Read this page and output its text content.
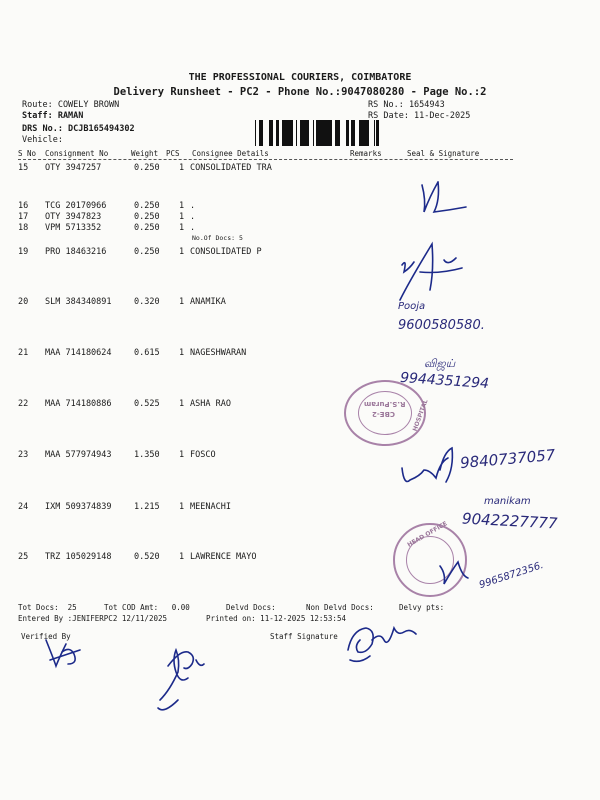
THE PROFESSIONAL COURIERS, COIMBATORE
Delivery Runsheet - PC2 - Phone No.:9047080280 - Page No.:2
Route: COWELY BROWN
Staff: RAMAN
DRS No.: DCJB165494302
Vehicle:

RS No.: 1654943
RS Date: 11-Dec-2025
S No Consignment No	Weight PCS Consignee Details	Remarks	Seal & Signature

15 OTY 3947257	0.250 1 CONSOLIDATED TRA

16 TCG 20170966	0.250 1 .

17 OTY 3947823	0.250 1 .

18 VPM 5713352	0.250 1 .

No.Of Docs: 5

19 PRO 18463216	0.250 1 CONSOLIDATED P

20 SLM 384340891	0.320 1 ANAMIKA

21 MAA 714180624	0.615 1 NAGESHWARAN

22 MAA 714180886	0.525 1 ASHA RAO

23 MAA 577974943	1.350 1 FOSCO

24 IXM 509374839	1.215 1 MEENACHI

25 TRZ 105029148	0.520 1 LAWRENCE MAYO

Tot Docs:  25	Tot COD Amt:   0.00	Delvd Docs:	Non Delvd Docs:	Delvy pts:
Entered By :JENIFERPC2 12/11/2025	Printed on: 11-12-2025 12:53:54
Verified By	Staff Signature
Pooja
9600580580.
விஜய்
9944351294
9840737057
manikam
9042227777
9965872356.
R.S.Puram
CBE-2	HOSPITAL
HEAD OFFICE
